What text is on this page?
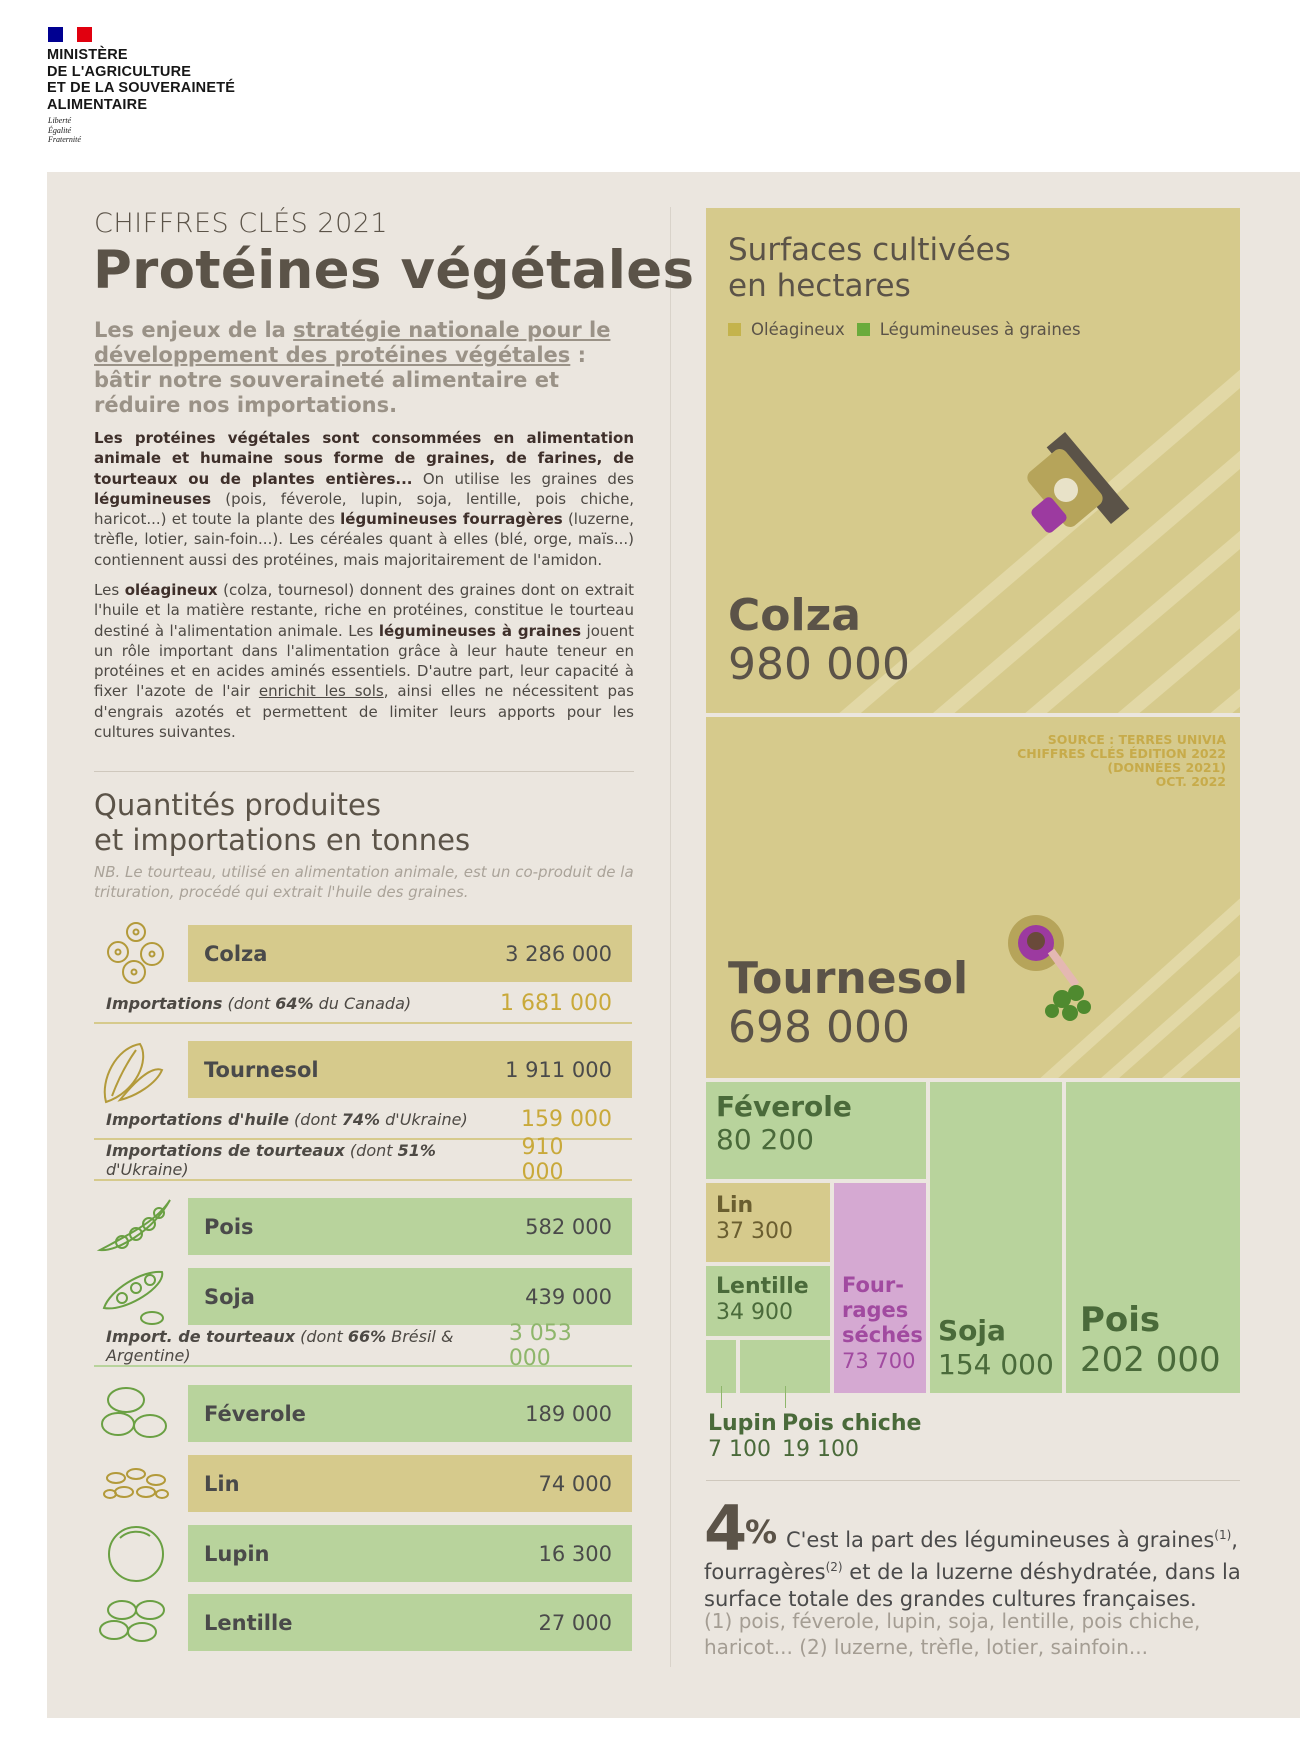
MINISTÈRE
DE L'AGRICULTURE
ET DE LA SOUVERAINETÉ
ALIMENTAIRE
Liberté
Égalité
Fraternité
CHIFFRES CLÉS 2021
Protéines végétales
Les enjeux de la stratégie nationale pour le développement des protéines végétales : bâtir notre souveraineté alimentaire et réduire nos importations.
Les protéines végétales sont consommées en alimentation animale et humaine sous forme de graines, de farines, de tourteaux ou de plantes entières... On utilise les graines des légumineuses (pois, féverole, lupin, soja, lentille, pois chiche, haricot...) et toute la plante des légumineuses fourragères (luzerne, trèfle, lotier, sain-foin...). Les céréales quant à elles (blé, orge, maïs...) contiennent aussi des protéines, mais majoritairement de l'amidon.
Les oléagineux (colza, tournesol) donnent des graines dont on extrait l'huile et la matière restante, riche en protéines, constitue le tourteau destiné à l'alimentation animale. Les légumineuses à graines jouent un rôle important dans l'alimentation grâce à leur haute teneur en protéines et en acides aminés essentiels. D'autre part, leur capacité à fixer l'azote de l'air enrichit les sols, ainsi elles ne nécessitent pas d'engrais azotés et permettent de limiter leurs apports pour les cultures suivantes.
Quantités produites
et importations en tonnes
NB. Le tourteau, utilisé en alimentation animale, est un co-produit de la trituration, procédé qui extrait l'huile des graines.
Colza	3 286 000
Importations (dont 64% du Canada)	1 681 000
Tournesol	1 911 000
Importations d'huile (dont 74% d'Ukraine) 159 000
Importations de tourteaux (dont 51% d'Ukraine)
910 000
Pois	582 000
Soja	439 000
Import. de tourteaux (dont 66% Brésil & Argentine)
3 053 000
Féverole	189 000
Lin	74 000
Lupin	16 300
Lentille	27 000
Surfaces cultivées
en hectares
Oléagineux Légumineuses à graines
Colza
980 000
SOURCE : TERRES UNIVIA
CHIFFRES CLÉS ÉDITION 2022
(DONNÉES 2021)
OCT. 2022
Tournesol
698 000
Féverole
80 200
Lin
37 300
Lentille
34 900
Four-
rages
séchés
73 700
Soja
154 000
Pois
202 000
Lupin
7 100
Pois chiche
19 100
4
% C'est la part des légumineuses à graines$^{(1)}$, fourragères$^{(2)}$ et de la luzerne déshydratée, dans la surface totale des grandes cultures françaises.
(1) pois, féverole, lupin, soja, lentille, pois chiche, haricot... (2) luzerne, trèfle, lotier, sainfoin...
